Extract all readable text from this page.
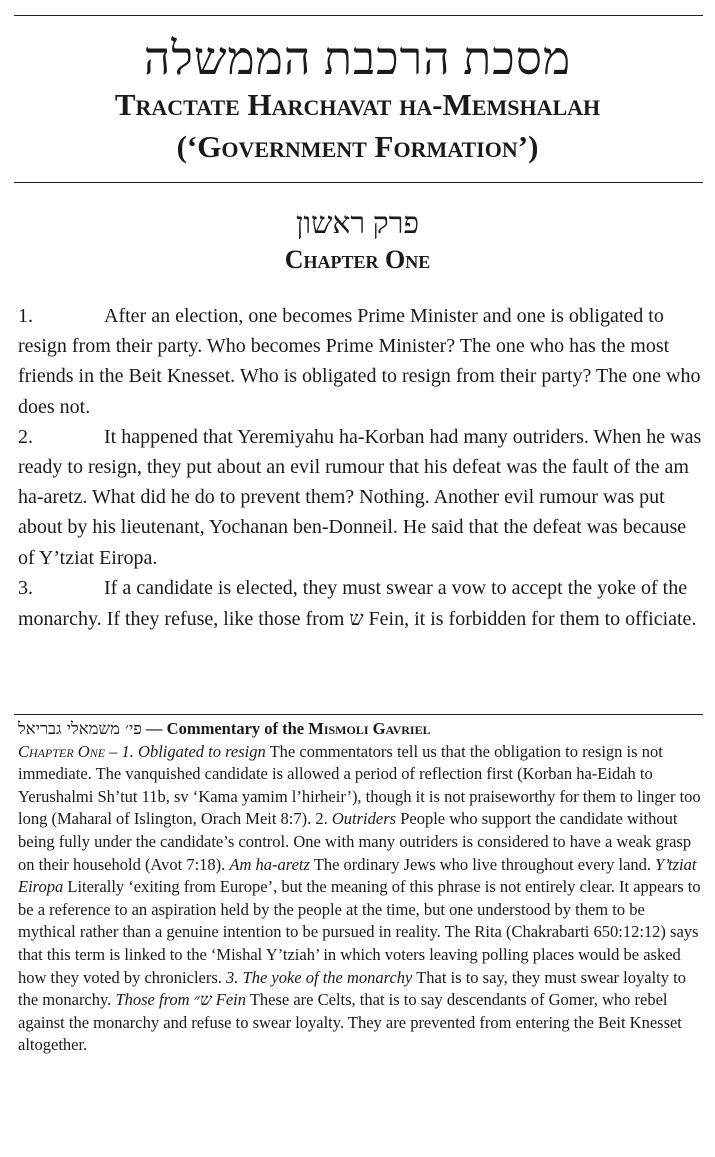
מסכת הרכבת הממשלה
Tractate Harchavat ha-Memshalah
(‘Government Formation’)
פרק ראשון
Chapter One

1.	After an election, one becomes Prime Minister and one is obligated to resign from their party. Who becomes Prime Minister? The one who has the most friends in the Beit Knesset. Who is obligated to resign from their party? The one who does not.

2.	It happened that Yeremiyahu ha-Korban had many outriders. When he was ready to resign, they put about an evil rumour that his defeat was the fault of the am ha-aretz. What did he do to prevent them? Nothing. Another evil rumour was put about by his lieutenant, Yochanan ben-Donneil. He said that the defeat was because of Y’tziat Eiropa.

3.	If a candidate is elected, they must swear a vow to accept the yoke of the monarchy. If they refuse, like those from ש Fein, it is forbidden for them to officiate.

פי׳ משמאלי גבריאל — Commentary of the Mismoli Gavriel

Chapter One – 1. Obligated to resign The commentators tell us that the obligation to resign is not immediate. The vanquished candidate is allowed a period of reflection first (Korban ha-Eidah to Yerushalmi Sh’tut 11b, sv ‘Kama yamim l’hirheir’), though it is not praiseworthy for them to linger too long (Maharal of Islington, Orach Meit 8:7). 2. Outriders People who support the candidate without being fully under the candidate’s control. One with many outriders is considered to have a weak grasp on their household (Avot 7:18). Am ha-aretz The ordinary Jews who live throughout every land. Y’tziat Eiropa Literally ‘exiting from Europe’, but the meaning of this phrase is not entirely clear. It appears to be a reference to an aspiration held by the people at the time, but one understood by them to be mythical rather than a genuine intention to be pursued in reality. The Rita (Chakrabarti 650:12:12) says that this term is linked to the ‘Mishal Y’tziah’ in which voters leaving polling places would be asked how they voted by chroniclers. 3. The yoke of the monarchy That is to say, they must swear loyalty to the monarchy. Those from ש״ Fein These are Celts, that is to say descendants of Gomer, who rebel against the monarchy and refuse to swear loyalty. They are prevented from entering the Beit Knesset altogether.
